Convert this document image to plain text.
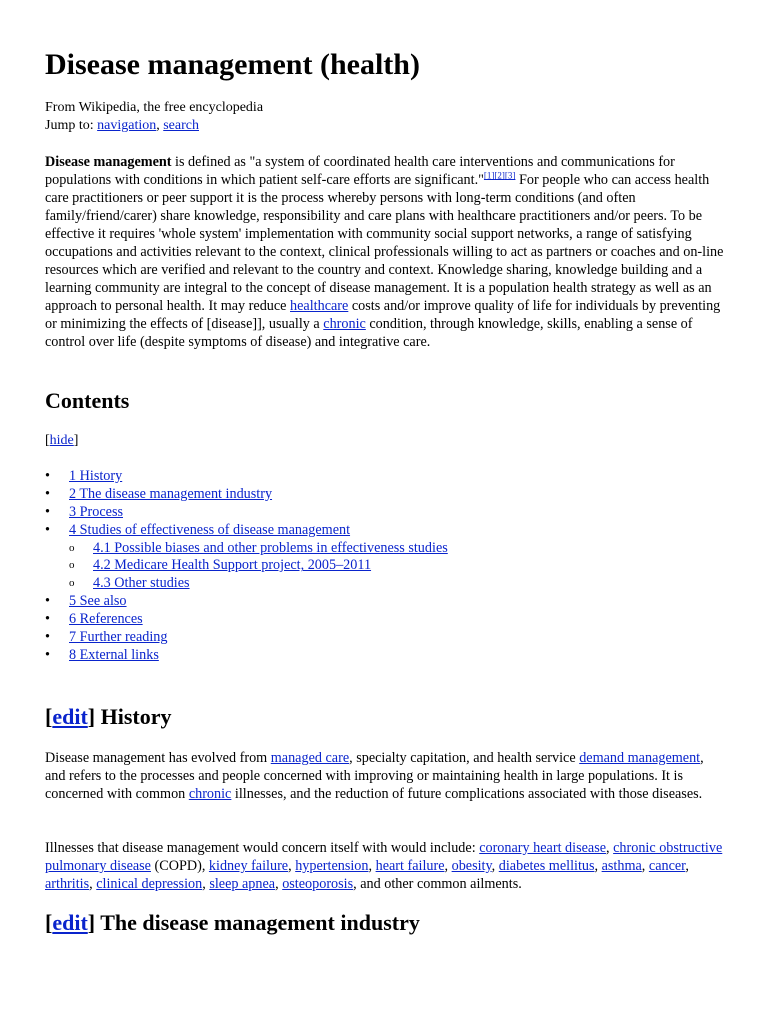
Disease management (health)
From Wikipedia, the free encyclopedia
Jump to: navigation, search

Disease management is defined as "a system of coordinated health care interventions and communications for populations with conditions in which patient self-care efforts are significant."[1][2][3] For people who can access health care practitioners or peer support it is the process whereby persons with long-term conditions (and often family/friend/carer) share knowledge, responsibility and care plans with healthcare practitioners and/or peers. To be effective it requires 'whole system' implementation with community social support networks, a range of satisfying occupations and activities relevant to the context, clinical professionals willing to act as partners or coaches and on-line resources which are verified and relevant to the country and context. Knowledge sharing, knowledge building and a learning community are integral to the concept of disease management. It is a population health strategy as well as an approach to personal health. It may reduce healthcare costs and/or improve quality of life for individuals by preventing or minimizing the effects of [disease]], usually a chronic condition, through knowledge, skills, enabling a sense of control over life (despite symptoms of disease) and integrative care.

Contents
[hide]
• 1 History
• 2 The disease management industry
• 3 Process
• 4 Studies of effectiveness of disease management
o 4.1 Possible biases and other problems in effectiveness studies
o 4.2 Medicare Health Support project, 2005–2011
o 4.3 Other studies
• 5 See also
• 6 References
• 7 Further reading
• 8 External links
[edit] History

Disease management has evolved from managed care, specialty capitation, and health service demand management, and refers to the processes and people concerned with improving or maintaining health in large populations. It is concerned with common chronic illnesses, and the reduction of future complications associated with those diseases.

Illnesses that disease management would concern itself with would include: coronary heart disease, chronic obstructive pulmonary disease (COPD), kidney failure, hypertension, heart failure, obesity, diabetes mellitus, asthma, cancer, arthritis, clinical depression, sleep apnea, osteoporosis, and other common ailments.

[edit] The disease management industry
